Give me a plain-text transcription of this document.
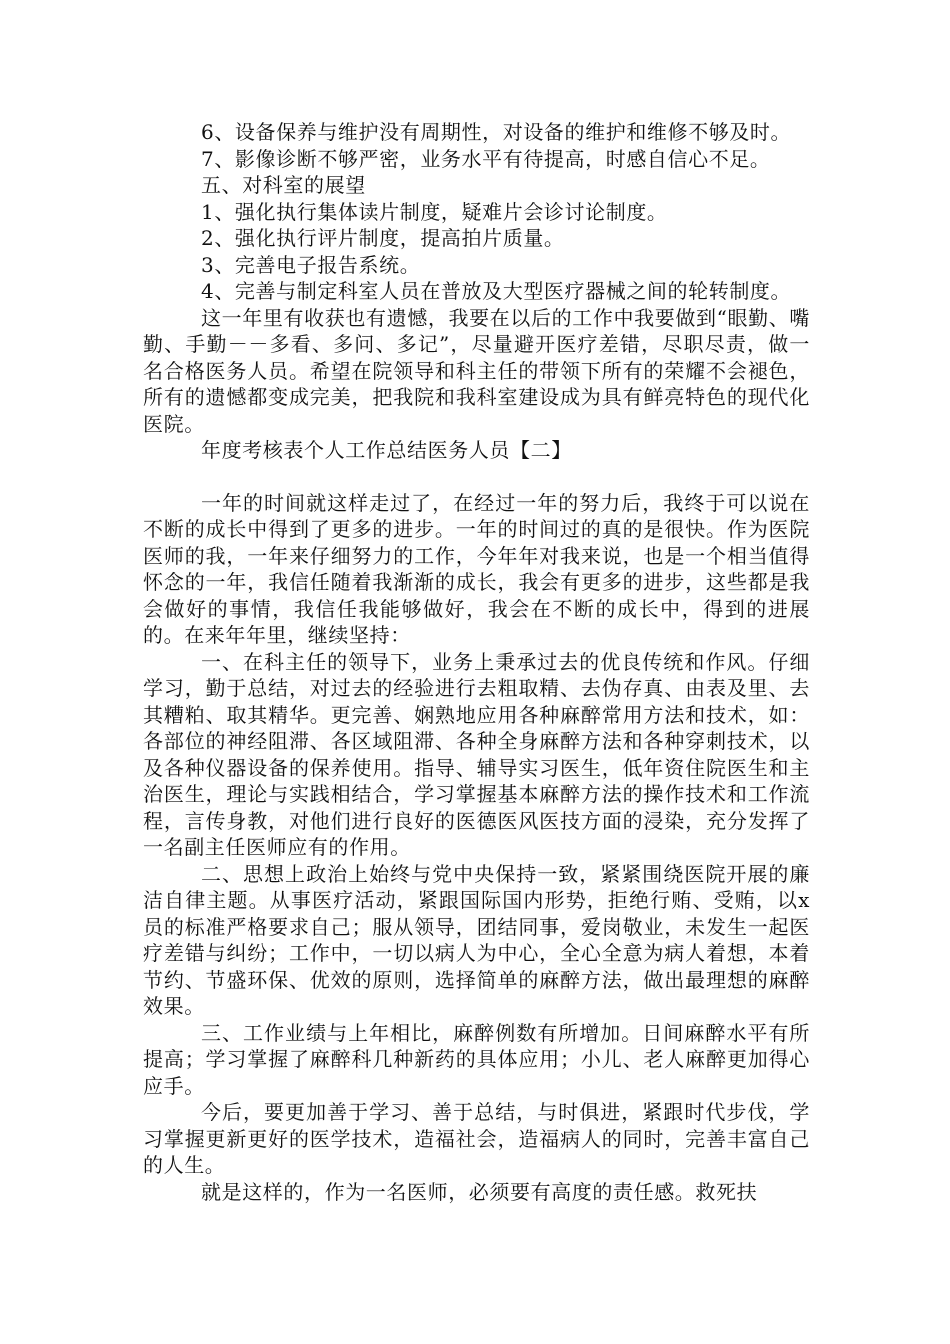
6、设备保养与维护没有周期性，对设备的维护和维修不够及时。

7、影像诊断不够严密，业务水平有待提高，时感自信心不足。

五、对科室的展望

1、强化执行集体读片制度，疑难片会诊讨论制度。

2、强化执行评片制度，提高拍片质量。

3、完善电子报告系统。

4、完善与制定科室人员在普放及大型医疗器械之间的轮转制度。

这一年里有收获也有遗憾，我要在以后的工作中我要做到“眼勤、嘴勤、手勤－－多看、多问、多记”，尽量避开医疗差错，尽职尽责，做一名合格医务人员。希望在院领导和科主任的带领下所有的荣耀不会褪色，所有的遗憾都变成完美，把我院和我科室建设成为具有鲜亮特色的现代化医院。

年度考核表个人工作总结医务人员【二】

一年的时间就这样走过了，在经过一年的努力后，我终于可以说在不断的成长中得到了更多的进步。一年的时间过的真的是很快。作为医院医师的我，一年来仔细努力的工作，今年年对我来说，也是一个相当值得怀念的一年，我信任随着我渐渐的成长，我会有更多的进步，这些都是我会做好的事情，我信任我能够做好，我会在不断的成长中，得到的进展的。在来年年里，继续坚持：

一、在科主任的领导下，业务上秉承过去的优良传统和作风。仔细学习，勤于总结，对过去的经验进行去粗取精、去伪存真、由表及里、去其糟粕、取其精华。更完善、娴熟地应用各种麻醉常用方法和技术，如：各部位的神经阻滞、各区域阻滞、各种全身麻醉方法和各种穿刺技术，以及各种仪器设备的保养使用。指导、辅导实习医生，低年资住院医生和主治医生，理论与实践相结合，学习掌握基本麻醉方法的操作技术和工作流程，言传身教，对他们进行良好的医德医风医技方面的浸染，充分发挥了一名副主任医师应有的作用。

二、思想上政治上始终与党中央保持一致，紧紧围绕医院开展的廉洁自律主题。从事医疗活动，紧跟国际国内形势，拒绝行贿、受贿，以x员的标准严格要求自己；服从领导，团结同事，爱岗敬业，未发生一起医疗差错与纠纷；工作中，一切以病人为中心，全心全意为病人着想，本着节约、节盛环保、优效的原则，选择简单的麻醉方法，做出最理想的麻醉效果。

三、工作业绩与上年相比，麻醉例数有所增加。日间麻醉水平有所提高；学习掌握了麻醉科几种新药的具体应用；小儿、老人麻醉更加得心应手。

今后，要更加善于学习、善于总结，与时俱进，紧跟时代步伐，学习掌握更新更好的医学技术，造福社会，造福病人的同时，完善丰富自己的人生。

就是这样的，作为一名医师，必须要有高度的责任感。救死扶
